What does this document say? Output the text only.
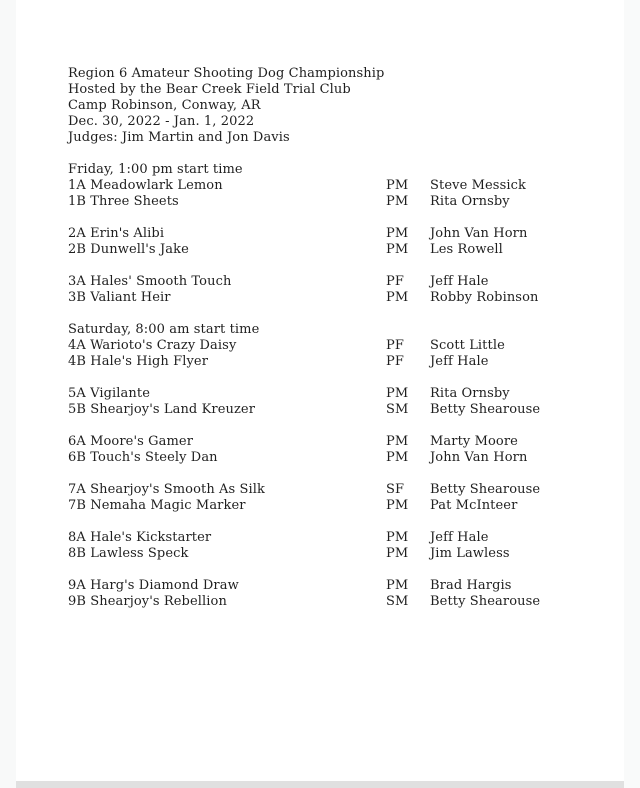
Region 6 Amateur Shooting Dog Championship
Hosted by the Bear Creek Field Trial Club
Camp Robinson, Conway, AR
Dec. 30, 2022 - Jan. 1, 2022
Judges: Jim Martin and Jon Davis
Friday, 1:00 pm start time
1A Meadowlark Lemon	PM	Steve Messick
1B Three Sheets	PM	Rita Ornsby
2A Erin's Alibi	PM	John Van Horn
2B Dunwell's Jake	PM	Les Rowell
3A Hales' Smooth Touch	PF	Jeff Hale
3B Valiant Heir	PM	Robby Robinson
Saturday, 8:00 am start time
4A Warioto's Crazy Daisy	PF	Scott Little
4B Hale's High Flyer	PF	Jeff Hale
5A Vigilante	PM	Rita Ornsby
5B Shearjoy's Land Kreuzer	SM	Betty Shearouse
6A Moore's Gamer	PM	Marty Moore
6B Touch's Steely Dan	PM	John Van Horn
7A Shearjoy's Smooth As Silk	SF	Betty Shearouse
7B Nemaha Magic Marker	PM	Pat McInteer
8A Hale's Kickstarter	PM	Jeff Hale
8B Lawless Speck	PM	Jim Lawless
9A Harg's Diamond Draw	PM	Brad Hargis
9B Shearjoy's Rebellion	SM	Betty Shearouse
